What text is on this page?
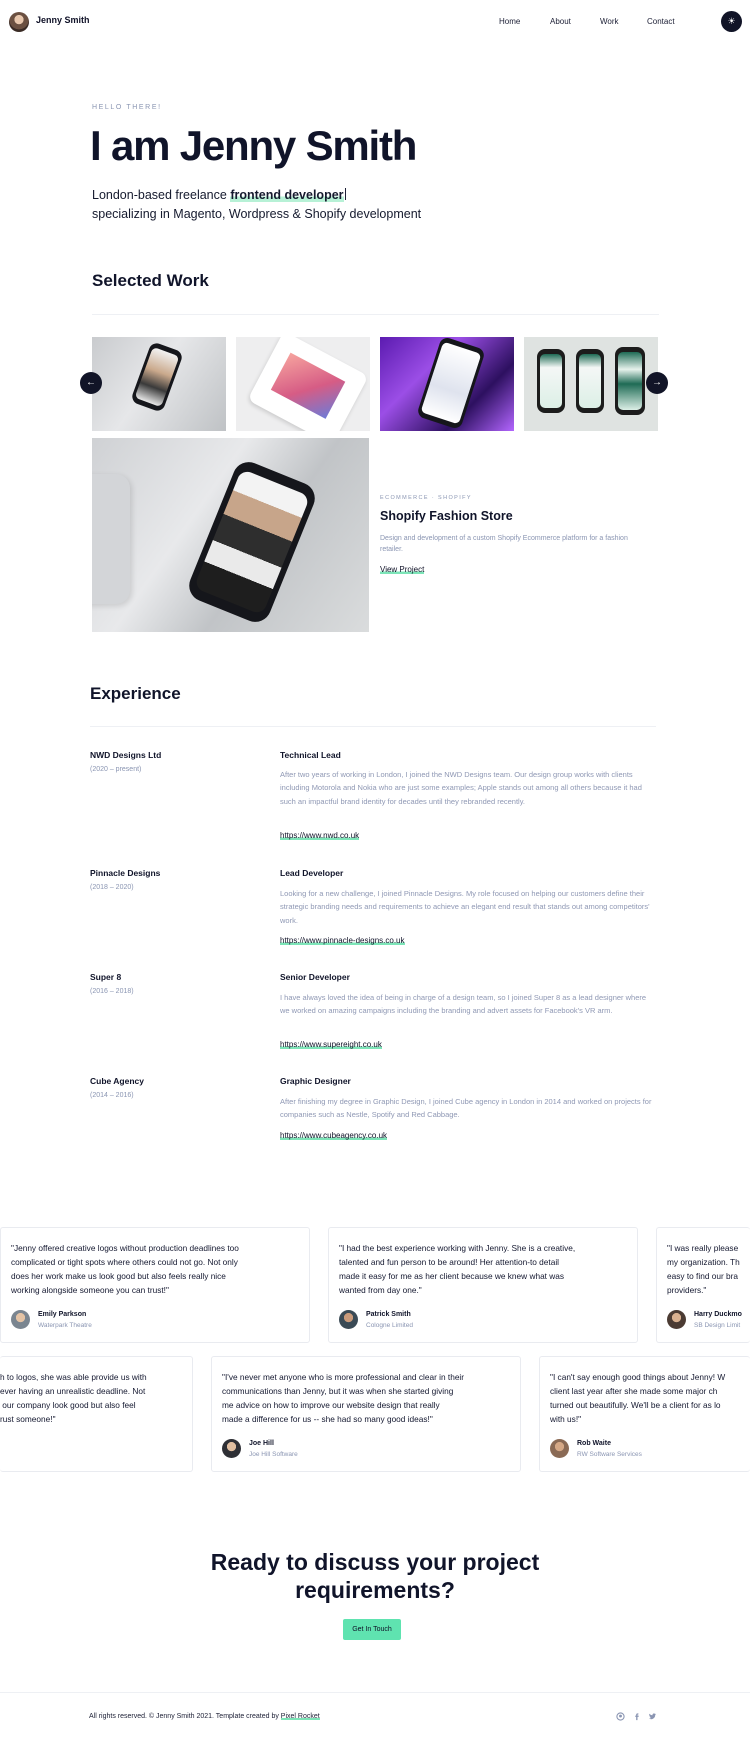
Jenny Smith	Home	About	Work	Contact	☀
HELLO THERE!
I am Jenny Smith
London-based freelance frontend developer
specializing in Magento, Wordpress & Shopify development
Selected Work
←	→
ECOMMERCE · SHOPIFY
Shopify Fashion Store
Design and development of a custom Shopify Ecommerce platform for a fashion retailer.
View Project
Experience
NWD Designs Ltd
(2020 – present)
Technical Lead
After two years of working in London, I joined the NWD Designs team. Our design group works with clients including Motorola and Nokia who are just some examples; Apple stands out among all others because it had such an impactful brand identity for decades until they rebranded recently.
https://www.nwd.co.uk
Pinnacle Designs
(2018 – 2020)
Lead Developer
Looking for a new challenge, I joined Pinnacle Designs. My role focused on helping our customers define their strategic branding needs and requirements to achieve an elegant end result that stands out among competitors' work.
https://www.pinnacle-designs.co.uk
Super 8
(2016 – 2018)
Senior Developer
I have always loved the idea of being in charge of a design team, so I joined Super 8 as a lead designer where we worked on amazing campaigns including the branding and advert assets for Facebook's VR arm.
https://www.supereight.co.uk
Cube Agency
(2014 – 2016)
Graphic Designer
After finishing my degree in Graphic Design, I joined Cube agency in London in 2014 and worked on projects for companies such as Nestle, Spotify and Red Cabbage.
https://www.cubeagency.co.uk
"Jenny offered creative logos without production deadlines too
complicated or tight spots where others could not go. Not only
does her work make us look good but also feels really nice
working alongside someone you can trust!"
Emily Parkson
Waterpark Theatre
"I had the best experience working with Jenny. She is a creative,
talented and fun person to be around! Her attention-to detail
made it easy for me as her client because we knew what was
wanted from day one."
Patrick Smith
Cologne Limited
"I was really please
my organization. Th
easy to find our bra
providers."
Harry Duckmo
SB Design Limit
h to logos, she was able provide us with
ever having an unrealistic deadline. Not
our company look good but also feel
rust someone!"
"I've never met anyone who is more professional and clear in their
communications than Jenny, but it was when she started giving
me advice on how to improve our website design that really
made a difference for us -- she had so many good ideas!"
Joe Hill
Joe Hill Software
"I can't say enough good things about Jenny! W
client last year after she made some major ch
turned out beautifully. We'll be a client for as lo
with us!"
Rob Waite
RW Software Services
Ready to discuss your project requirements?
Get In Touch
All rights reserved. © Jenny Smith 2021. Template created by Pixel Rocket
